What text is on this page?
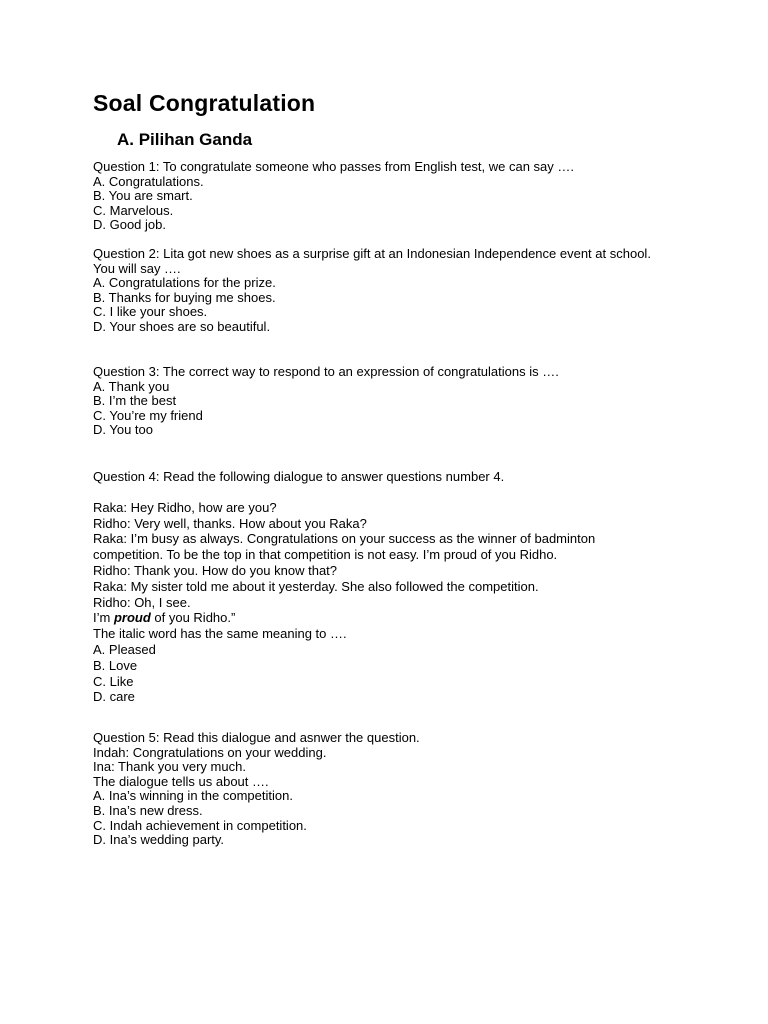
Soal Congratulation
A. Pilihan Ganda
Question 1: To congratulate someone who passes from English test, we can say ….
A. Congratulations.
B. You are smart.
C. Marvelous.
D. Good job.
Question 2: Lita got new shoes as a surprise gift at an Indonesian Independence event at school.
You will say ….
A. Congratulations for the prize.
B. Thanks for buying me shoes.
C. I like your shoes.
D. Your shoes are so beautiful.
Question 3: The correct way to respond to an expression of congratulations is ….
A. Thank you
B. I’m the best
C. You’re my friend
D. You too
Question 4: Read the following dialogue to answer questions number 4.
Raka: Hey Ridho, how are you?
Ridho: Very well, thanks. How about you Raka?
Raka: I’m busy as always. Congratulations on your success as the winner of badminton
competition. To be the top in that competition is not easy. I’m proud of you Ridho.
Ridho: Thank you. How do you know that?
Raka: My sister told me about it yesterday. She also followed the competition.
Ridho: Oh, I see.
I’m proud of you Ridho.”
The italic word has the same meaning to ….
A. Pleased
B. Love
C. Like
D. care
Question 5: Read this dialogue and asnwer the question.
Indah: Congratulations on your wedding.
Ina: Thank you very much.
The dialogue tells us about ….
A. Ina’s winning in the competition.
B. Ina’s new dress.
C. Indah achievement in competition.
D. Ina’s wedding party.
